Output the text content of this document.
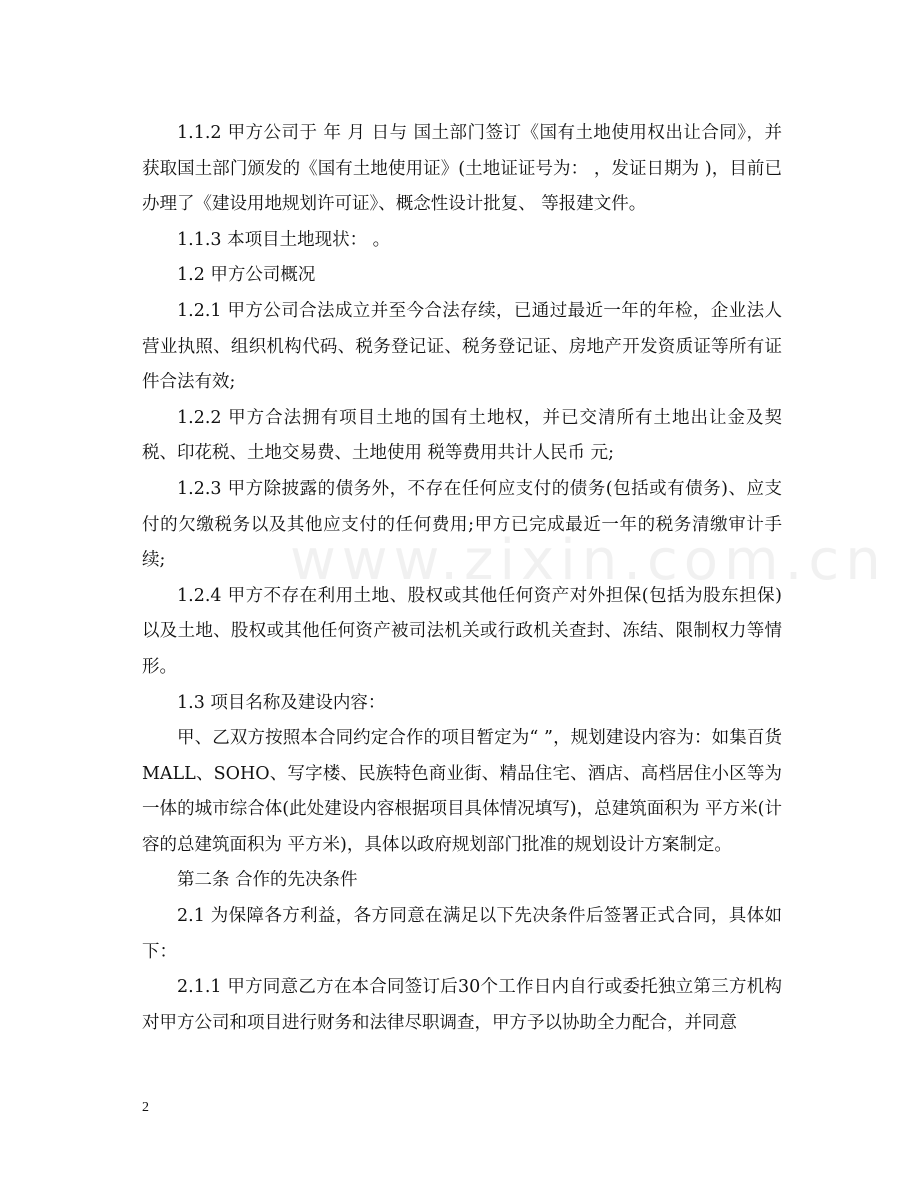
www.zixin.com.cn

1.1.2 甲方公司于 年 月 日与 国土部门签订《国有土地使用权出让合同》，并获取国土部门颁发的《国有土地使用证》(土地证证号为： ，发证日期为 )，目前已办理了《建设用地规划许可证》、概念性设计批复、 等报建文件。

1.1.3 本项目土地现状： 。

1.2 甲方公司概况

1.2.1 甲方公司合法成立并至今合法存续，已通过最近一年的年检，企业法人营业执照、组织机构代码、税务登记证、税务登记证、房地产开发资质证等所有证件合法有效;

1.2.2 甲方合法拥有项目土地的国有土地权，并已交清所有土地出让金及契税、印花税、土地交易费、土地使用 税等费用共计人民币 元;

1.2.3 甲方除披露的债务外，不存在任何应支付的债务(包括或有债务)、应支付的欠缴税务以及其他应支付的任何费用;甲方已完成最近一年的税务清缴审计手续;

1.2.4 甲方不存在利用土地、股权或其他任何资产对外担保(包括为股东担保)以及土地、股权或其他任何资产被司法机关或行政机关查封、冻结、限制权力等情形。

1.3 项目名称及建设内容：

甲、乙双方按照本合同约定合作的项目暂定为“ ”，规划建设内容为：如集百货MALL、SOHO、写字楼、民族特色商业街、精品住宅、酒店、高档居住小区等为一体的城市综合体(此处建设内容根据项目具体情况填写)，总建筑面积为 平方米(计容的总建筑面积为 平方米)，具体以政府规划部门批准的规划设计方案制定。

第二条 合作的先决条件

2.1 为保障各方利益，各方同意在满足以下先决条件后签署正式合同，具体如下：

2.1.1 甲方同意乙方在本合同签订后30个工作日内自行或委托独立第三方机构对甲方公司和项目进行财务和法律尽职调查，甲方予以协助全力配合，并同意

2
